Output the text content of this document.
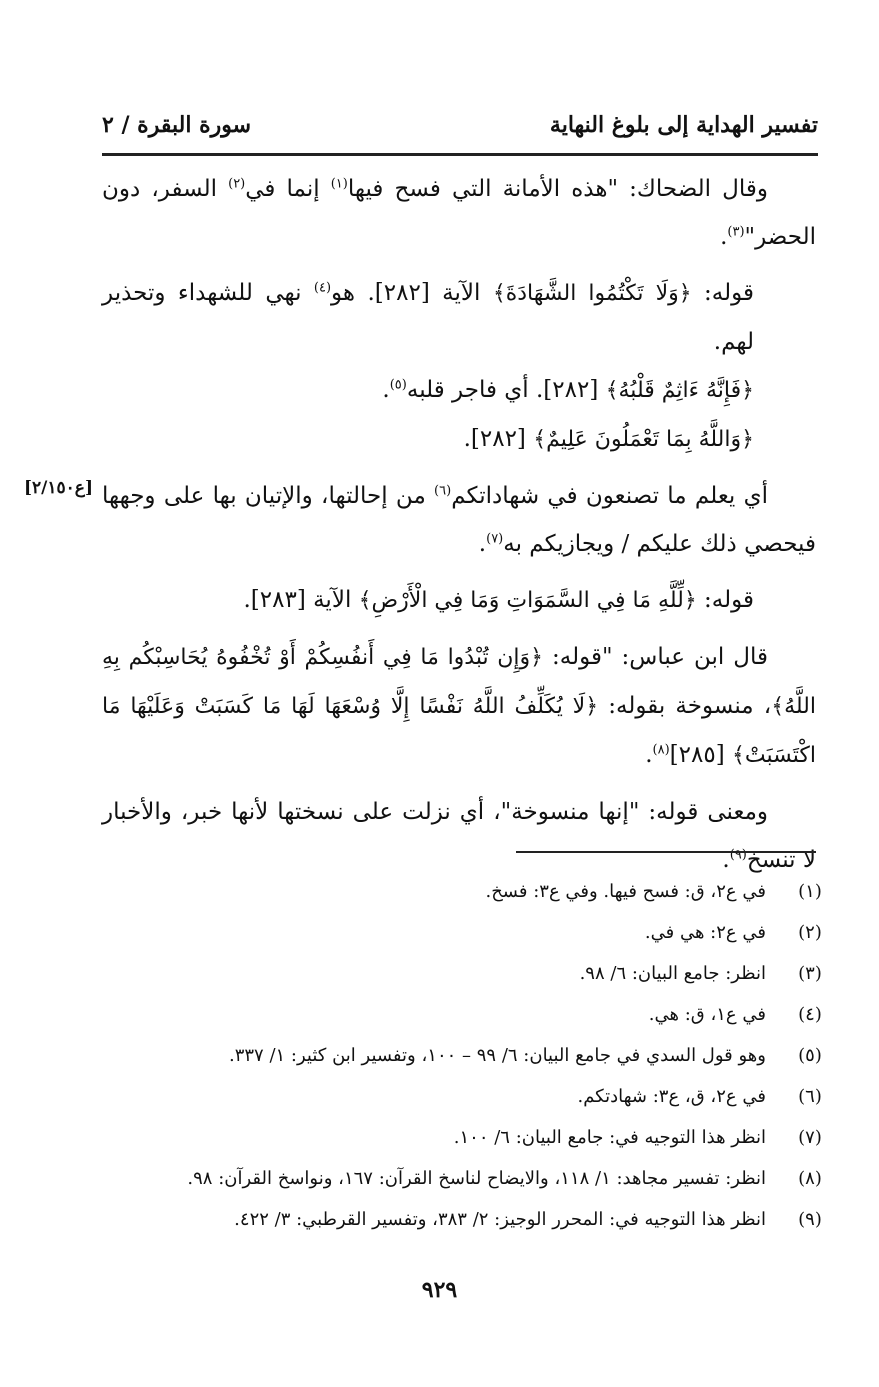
تفسير الهداية إلى بلوغ النهاية
سورة البقرة / ٢

وقال الضحاك: "هذه الأمانة التي فسح فيها$^{(١)}$ إنما في$^{(٢)}$ السفر، دون الحضر"$^{(٣)}$.

قوله: ﴿وَلَا تَكْتُمُوا الشَّهَادَةَ﴾ الآية [٢٨٢]. هو$^{(٤)}$ نهي للشهداء وتحذير لهم.

﴿فَإِنَّهُ ءَاثِمٌ قَلْبُهُ﴾ [٢٨٢]. أي فاجر قلبه$^{(٥)}$.

﴿وَاللَّهُ بِمَا تَعْمَلُونَ عَلِيمٌ﴾ [٢٨٢].

أي يعلم ما تصنعون في شهاداتكم$^{(٦)}$ من إحالتها، والإتيان بها على وجهها فيحصي ذلك عليكم / ويجازيكم به$^{(٧)}$.

قوله: ﴿لِّلَّهِ مَا فِي السَّمَوَاتِ وَمَا فِي الْأَرْضِ﴾ الآية [٢٨٣].

قال ابن عباس: "قوله: ﴿وَإِن تُبْدُوا مَا فِي أَنفُسِكُمْ أَوْ تُخْفُوهُ يُحَاسِبْكُم بِهِ اللَّهُ﴾، منسوخة بقوله: ﴿لَا يُكَلِّفُ اللَّهُ نَفْسًا إِلَّا وُسْعَهَا لَهَا مَا كَسَبَتْ وَعَلَيْهَا مَا اكْتَسَبَتْ﴾ [٢٨٥]$^{(٨)}$.

ومعنى قوله: "إنها منسوخة"، أي نزلت على نسختها لأنها خبر، والأخبار لا تنسخ$^{(٩)}$.

[ع٢/١٥٠]
(١)
في ع٢، ق: فسح فيها. وفي ع٣: فسخ.
(٢)
في ع٢: هي في.
(٣)
انظر: جامع البيان: ٦/ ٩٨.
(٤)
في ع١، ق: هي.
(٥)
وهو قول السدي في جامع البيان: ٦/ ٩٩ – ١٠٠، وتفسير ابن كثير: ١/ ٣٣٧.
(٦)
في ع٢، ق، ع٣: شهادتكم.
(٧)
انظر هذا التوجيه في: جامع البيان: ٦/ ١٠٠.
(٨)
انظر: تفسير مجاهد: ١/ ١١٨، والايضاح لناسخ القرآن: ١٦٧، ونواسخ القرآن: ٩٨.
(٩)
انظر هذا التوجيه في: المحرر الوجيز: ٢/ ٣٨٣، وتفسير القرطبي: ٣/ ٤٢٢.
٩٢٩
